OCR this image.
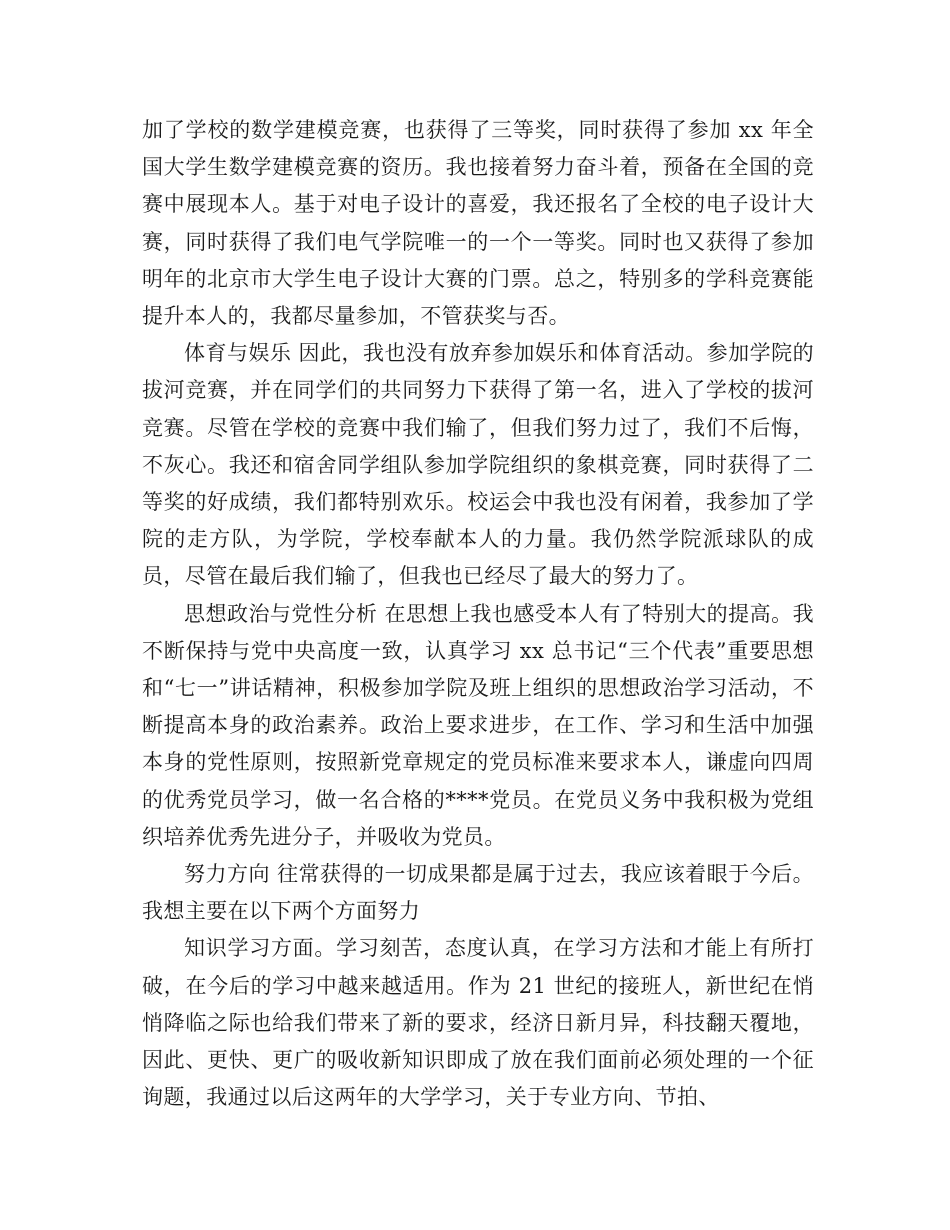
加了学校的数学建模竞赛，也获得了三等奖，同时获得了参加 xx 年全国大学生数学建模竞赛的资历。我也接着努力奋斗着，预备在全国的竞赛中展现本人。基于对电子设计的喜爱，我还报名了全校的电子设计大赛，同时获得了我们电气学院唯一的一个一等奖。同时也又获得了参加明年的北京市大学生电子设计大赛的门票。总之，特别多的学科竞赛能提升本人的，我都尽量参加，不管获奖与否。

体育与娱乐 因此，我也没有放弃参加娱乐和体育活动。参加学院的拔河竞赛，并在同学们的共同努力下获得了第一名，进入了学校的拔河竞赛。尽管在学校的竞赛中我们输了，但我们努力过了，我们不后悔，不灰心。我还和宿舍同学组队参加学院组织的象棋竞赛，同时获得了二等奖的好成绩，我们都特别欢乐。校运会中我也没有闲着，我参加了学院的走方队，为学院，学校奉献本人的力量。我仍然学院派球队的成员，尽管在最后我们输了，但我也已经尽了最大的努力了。

思想政治与党性分析 在思想上我也感受本人有了特别大的提高。我不断保持与党中央高度一致，认真学习 xx 总书记“三个代表”重要思想和“七一”讲话精神，积极参加学院及班上组织的思想政治学习活动，不断提高本身的政治素养。政治上要求进步，在工作、学习和生活中加强本身的党性原则，按照新党章规定的党员标准来要求本人，谦虚向四周的优秀党员学习，做一名合格的****党员。在党员义务中我积极为党组织培养优秀先进分子，并吸收为党员。

努力方向 往常获得的一切成果都是属于过去，我应该着眼于今后。我想主要在以下两个方面努力

知识学习方面。学习刻苦，态度认真，在学习方法和才能上有所打破，在今后的学习中越来越适用。作为 21 世纪的接班人，新世纪在悄悄降临之际也给我们带来了新的要求，经济日新月异，科技翻天覆地，因此、更快、更广的吸收新知识即成了放在我们面前必须处理的一个征询题，我通过以后这两年的大学学习，关于专业方向、节拍、
